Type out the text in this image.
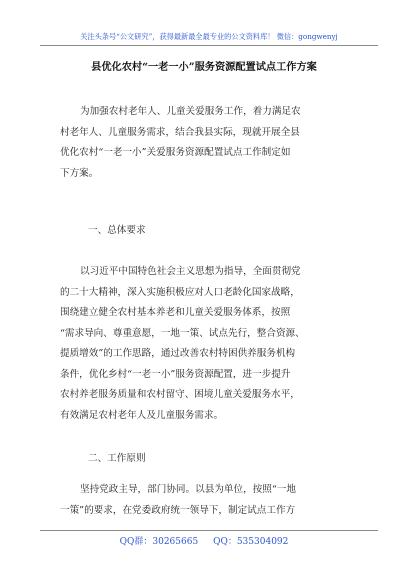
关注头条号“公文研究”，获得最新最全最专业的公文资料库！ 微信：gongwenyj
县优化农村“一老一小”服务资源配置试点工作方案
为加强农村老年人、儿童关爱服务工作，着力满足农
村老年人、儿童服务需求，结合我县实际，现就开展全县
优化农村“一老一小”关爱服务资源配置试点工作制定如
下方案。
一、总体要求
以习近平中国特色社会主义思想为指导，全面贯彻党
的二十大精神，深入实施积极应对人口老龄化国家战略，
围绕建立健全农村基本养老和儿童关爱服务体系，按照
“需求导向、尊重意愿，一地一策、试点先行，整合资源、
提质增效”的工作思路，通过改善农村特困供养服务机构
条件，优化乡村“一老一小”服务资源配置，进一步提升
农村养老服务质量和农村留守、困境儿童关爱服务水平，
有效满足农村老年人及儿童服务需求。
二、工作原则
坚持党政主导，部门协同。以县为单位，按照“一地
一策”的要求，在党委政府统一领导下，制定试点工作方
QQ群：30265665 QQ：535304092
